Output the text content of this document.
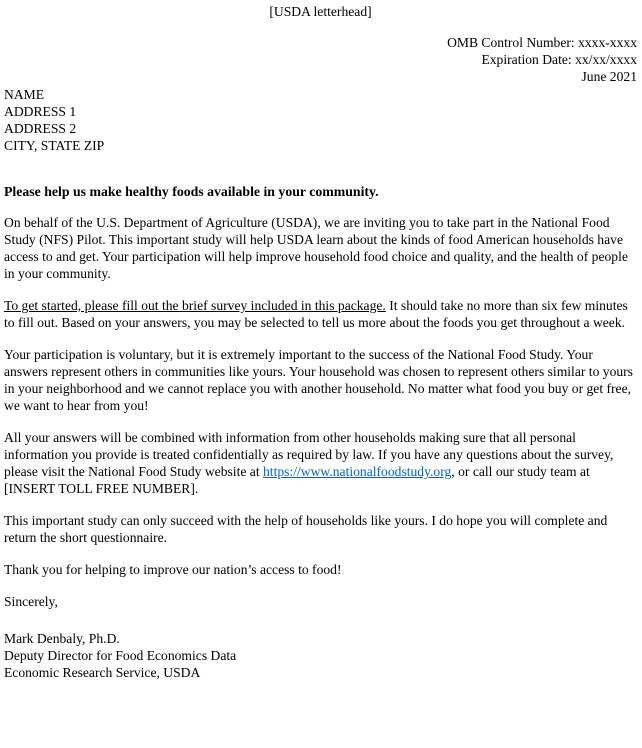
[USDA letterhead]
OMB Control Number: xxxx-xxxx
Expiration Date: xx/xx/xxxx
June 2021
NAME
ADDRESS 1
ADDRESS 2
CITY, STATE ZIP
Please help us make healthy foods available in your community.

On behalf of the U.S. Department of Agriculture (USDA), we are inviting you to take part in the National Food Study (NFS) Pilot. This important study will help USDA learn about the kinds of food American households have access to and get. Your participation will help improve household food choice and quality, and the health of people in your community.

To get started, please fill out the brief survey included in this package. It should take no more than six few minutes to fill out. Based on your answers, you may be selected to tell us more about the foods you get throughout a week.

Your participation is voluntary, but it is extremely important to the success of the National Food Study. Your answers represent others in communities like yours. Your household was chosen to represent others similar to yours in your neighborhood and we cannot replace you with another household. No matter what food you buy or get free, we want to hear from you!

All your answers will be combined with information from other households making sure that all personal information you provide is treated confidentially as required by law. If you have any questions about the survey, please visit the National Food Study website at https://www.nationalfoodstudy.org, or call our study team at [INSERT TOLL FREE NUMBER].

This important study can only succeed with the help of households like yours. I do hope you will complete and return the short questionnaire.

Thank you for helping to improve our nation’s access to food!

Sincerely,

Mark Denbaly, Ph.D.
Deputy Director for Food Economics Data
Economic Research Service, USDA
